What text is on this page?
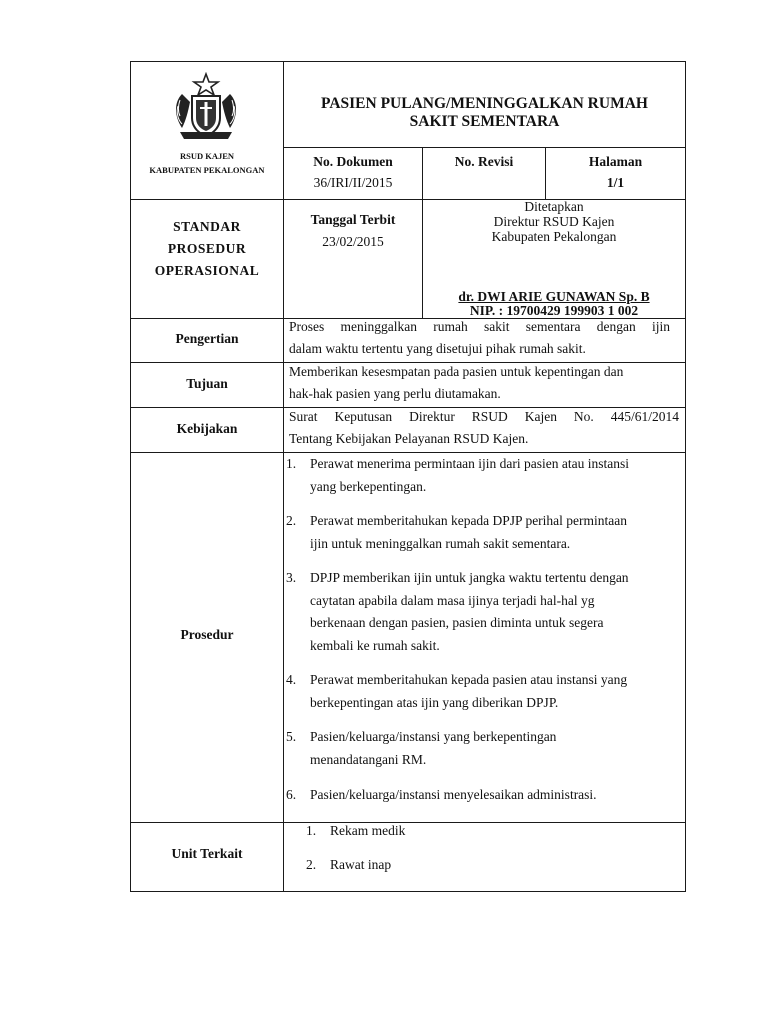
RSUD KAJEN
KABUPATEN PEKALONGAN
PASIEN PULANG/MENINGGALKAN RUMAH
SAKIT SEMENTARA
No. Dokumen
36/IRI/II/2015
No. Revisi	Halaman
1/1
STANDAR
PROSEDUR
OPERASIONAL
Tanggal Terbit
23/02/2015
Ditetapkan
Direktur RSUD Kajen
Kabupaten Pekalongan
dr. DWI ARIE GUNAWAN Sp. B
NIP. : 19700429 199903 1 002
Pengertian
Proses meninggalkan rumah sakit sementara dengan ijin
dalam waktu tertentu yang disetujui pihak rumah sakit.
Tujuan
Memberikan kesesmpatan pada pasien untuk kepentingan dan
hak-hak pasien yang perlu diutamakan.
Kebijakan
Surat Keputusan Direktur RSUD Kajen No. 445/61/2014
Tentang Kebijakan Pelayanan RSUD Kajen.
Prosedur
1. Perawat menerima permintaan ijin dari pasien atau instansi
yang berkepentingan.
2. Perawat memberitahukan kepada DPJP perihal permintaan
ijin untuk meninggalkan rumah sakit sementara.
3. DPJP memberikan ijin untuk jangka waktu tertentu dengan
caytatan apabila dalam masa ijinya terjadi hal-hal yg
berkenaan dengan pasien, pasien diminta untuk segera
kembali ke rumah sakit.
4. Perawat memberitahukan kepada pasien atau instansi yang
berkepentingan atas ijin yang diberikan DPJP.
5. Pasien/keluarga/instansi yang berkepentingan
menandatangani RM.
6. Pasien/keluarga/instansi menyelesaikan administrasi.
Unit Terkait
1. Rekam medik
2. Rawat inap
